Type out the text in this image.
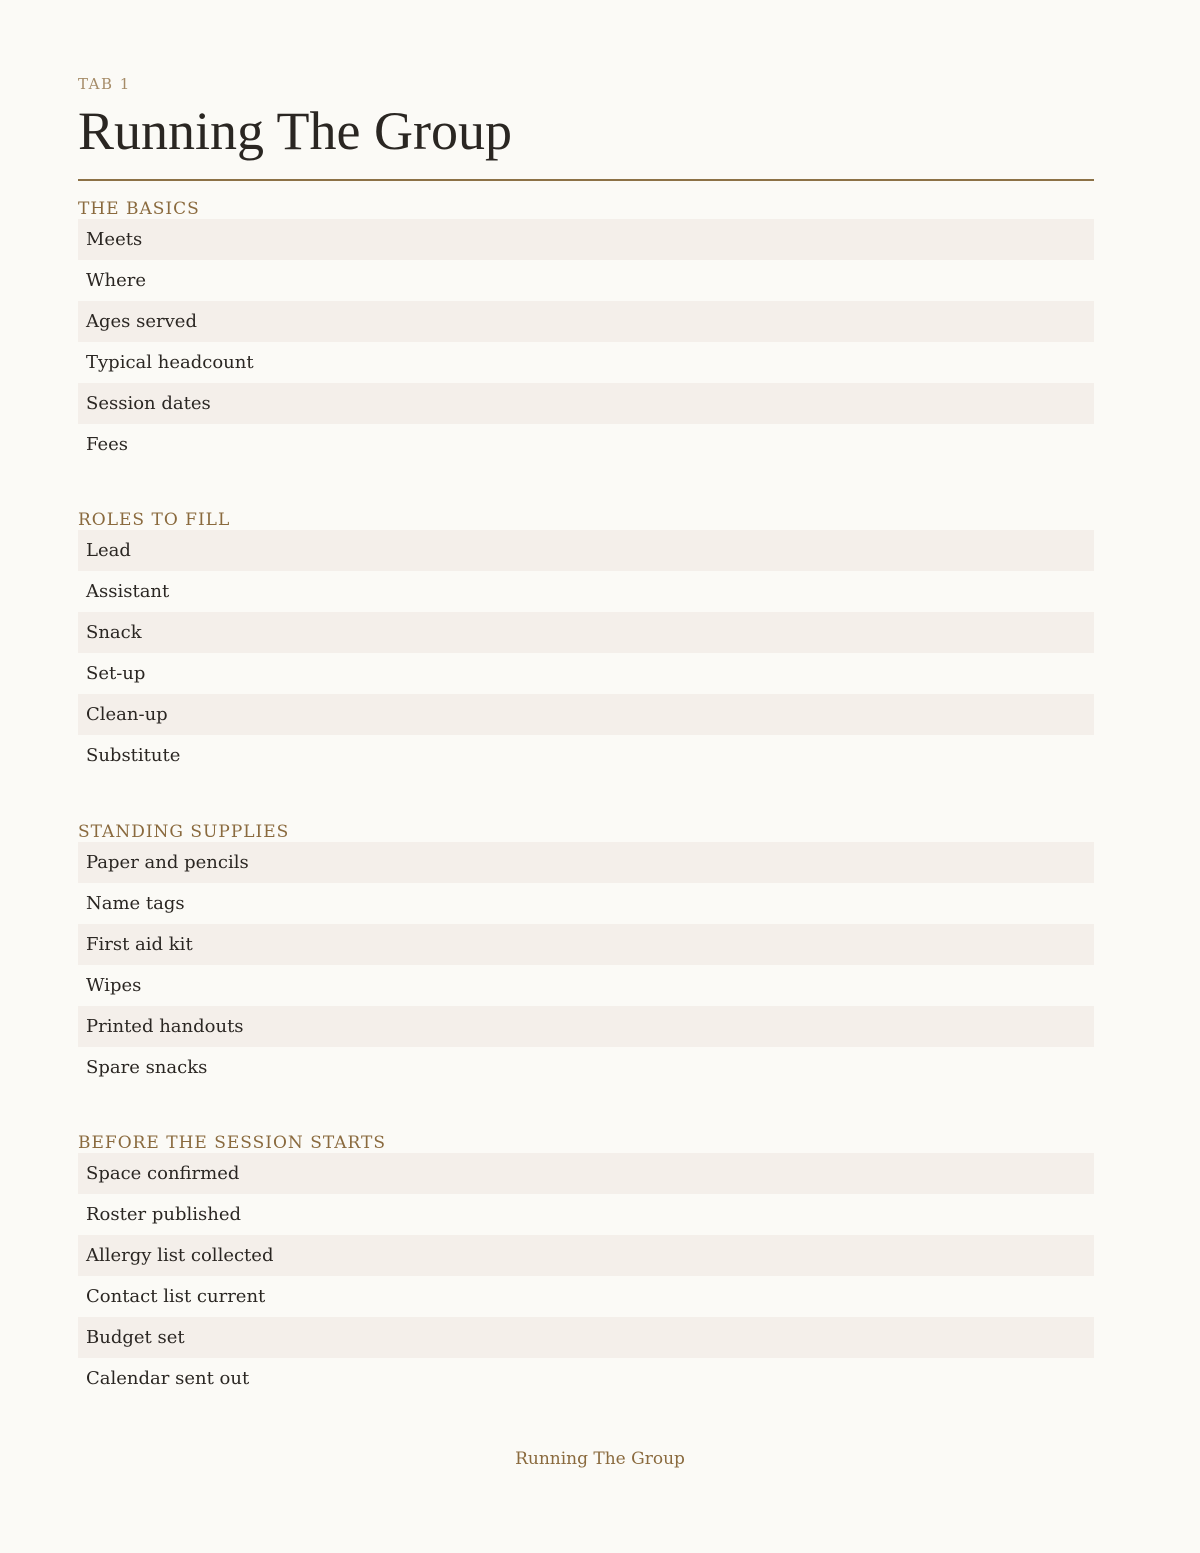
TAB 1
Running The Group
THE BASICS
Meets
Where
Ages served
Typical headcount
Session dates
Fees
ROLES TO FILL
Lead
Assistant
Snack
Set-up
Clean-up
Substitute
STANDING SUPPLIES
Paper and pencils
Name tags
First aid kit
Wipes
Printed handouts
Spare snacks
BEFORE THE SESSION STARTS
Space confirmed
Roster published
Allergy list collected
Contact list current
Budget set
Calendar sent out
Running The Group
